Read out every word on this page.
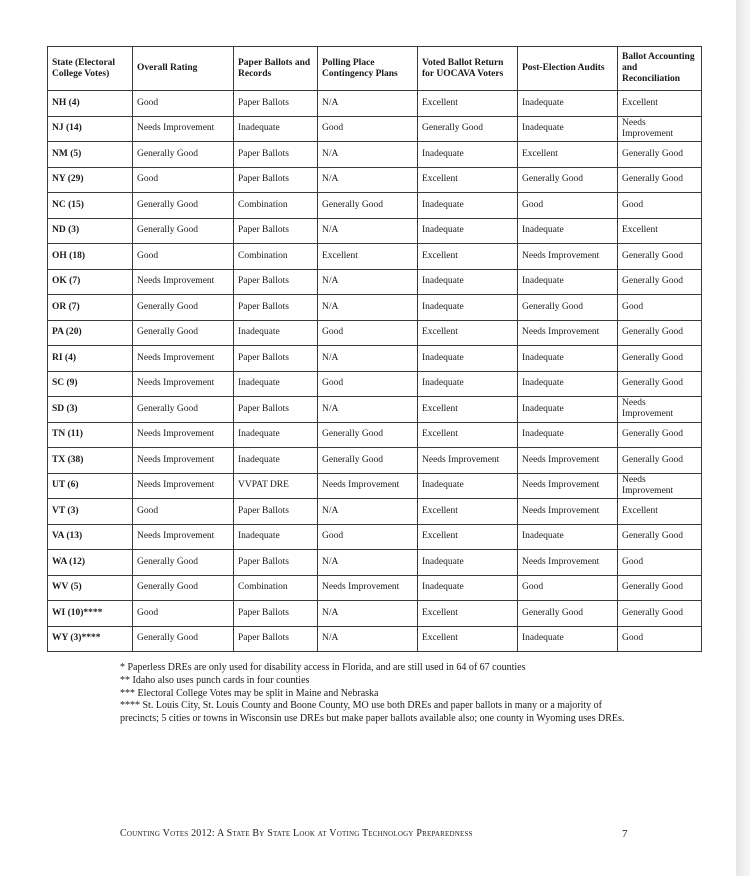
State (Electoral College Votes)	Overall Rating	Paper Ballots and Records	Polling Place Contingency Plans	Voted Ballot Return for UOCAVA Voters	Post-Election Audits	Ballot Accounting and Reconciliation
NH (4)	Good	Paper Ballots	N/A	Excellent	Inadequate	Excellent
NJ (14)	Needs Improvement	Inadequate	Good	Generally Good	Inadequate	Needs Improvement
NM (5)	Generally Good	Paper Ballots	N/A	Inadequate	Excellent	Generally Good
NY (29)	Good	Paper Ballots	N/A	Excellent	Generally Good	Generally Good
NC (15)	Generally Good	Combination	Generally Good	Inadequate	Good	Good
ND (3)	Generally Good	Paper Ballots	N/A	Inadequate	Inadequate	Excellent
OH (18)	Good	Combination	Excellent	Excellent	Needs Improvement	Generally Good
OK (7)	Needs Improvement	Paper Ballots	N/A	Inadequate	Inadequate	Generally Good
OR (7)	Generally Good	Paper Ballots	N/A	Inadequate	Generally Good	Good
PA (20)	Generally Good	Inadequate	Good	Excellent	Needs Improvement	Generally Good
RI (4)	Needs Improvement	Paper Ballots	N/A	Inadequate	Inadequate	Generally Good
SC (9)	Needs Improvement	Inadequate	Good	Inadequate	Inadequate	Generally Good
SD (3)	Generally Good	Paper Ballots	N/A	Excellent	Inadequate	Needs Improvement
TN (11)	Needs Improvement	Inadequate	Generally Good	Excellent	Inadequate	Generally Good
TX (38)	Needs Improvement	Inadequate	Generally Good	Needs Improvement	Needs Improvement	Generally Good
UT (6)	Needs Improvement	VVPAT DRE	Needs Improvement	Inadequate	Needs Improvement	Needs Improvement
VT (3)	Good	Paper Ballots	N/A	Excellent	Needs Improvement	Excellent
VA (13)	Needs Improvement	Inadequate	Good	Excellent	Inadequate	Generally Good
WA (12)	Generally Good	Paper Ballots	N/A	Inadequate	Needs Improvement	Good
WV (5)	Generally Good	Combination	Needs Improvement	Inadequate	Good	Generally Good
WI (10)****	Good	Paper Ballots	N/A	Excellent	Generally Good	Generally Good
WY (3)****	Generally Good	Paper Ballots	N/A	Excellent	Inadequate	Good

* Paperless DREs are only used for disability access in Florida, and are still used in 64 of 67 counties

** Idaho also uses punch cards in four counties

*** Electoral College Votes may be split in Maine and Nebraska

**** St. Louis City, St. Louis County and Boone County, MO use both DREs and paper ballots in many or a majority of precincts; 5 cities or towns in Wisconsin use DREs but make paper ballots available also; one county in Wyoming uses DREs.

Counting Votes 2012: A State By State Look at Voting Technology Preparedness	7
